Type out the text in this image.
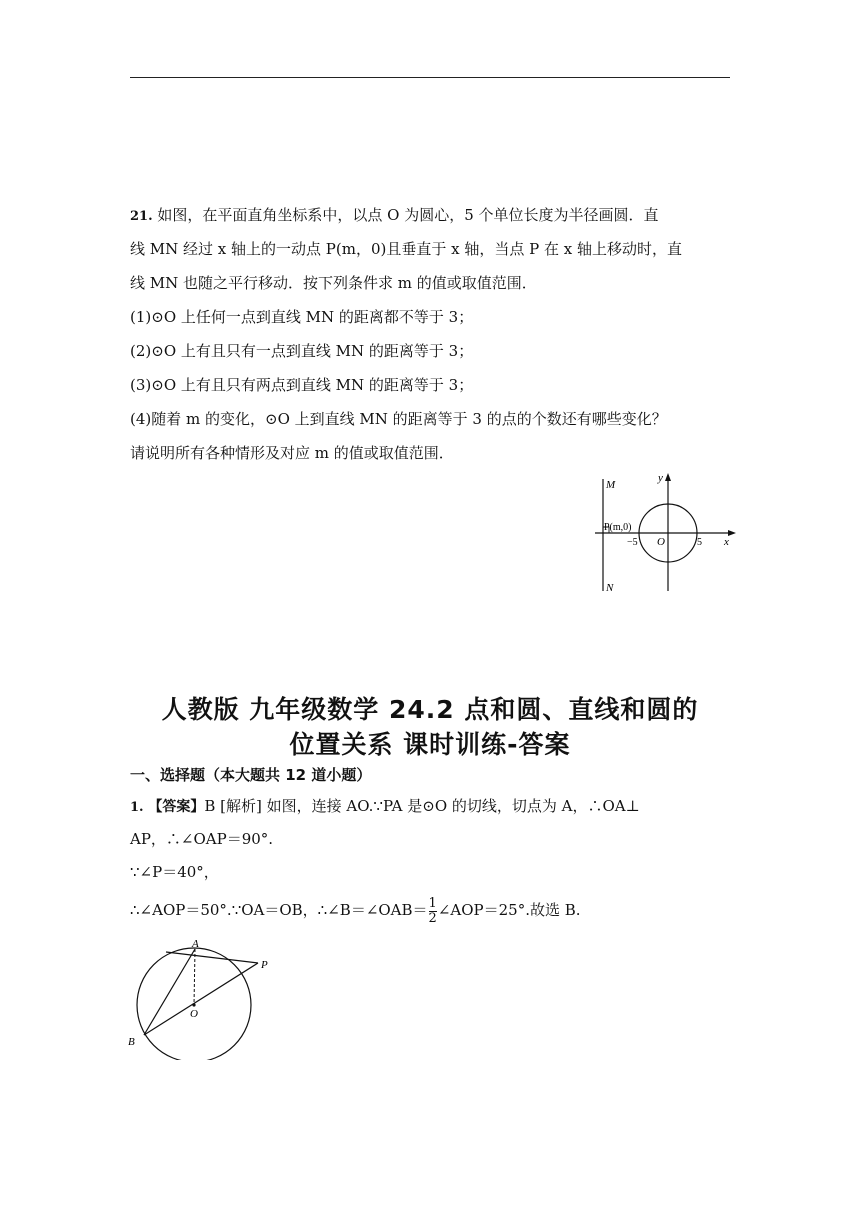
21. 如图，在平面直角坐标系中，以点 O 为圆心，5 个单位长度为半径画圆．直
线 MN 经过 x 轴上的一动点 P(m，0)且垂直于 x 轴，当点 P 在 x 轴上移动时，直
线 MN 也随之平行移动．按下列条件求 m 的值或取值范围．
(1)⊙O 上任何一点到直线 MN 的距离都不等于 3；
(2)⊙O 上有且只有一点到直线 MN 的距离等于 3；
(3)⊙O 上有且只有两点到直线 MN 的距离等于 3；
(4)随着 m 的变化，⊙O 上到直线 MN 的距离等于 3 的点的个数还有哪些变化？
请说明所有各种情形及对应 m 的值或取值范围．
M
N
y
x
P(m,0)
−5 O	5
人教版 九年级数学 24.2 点和圆、直线和圆的
位置关系 课时训练-答案
一、选择题（本大题共 12 道小题）
1. 【答案】B [解析] 如图，连接 AO.∵PA 是⊙O 的切线，切点为 A，∴OA⊥
AP，∴∠OAP＝90°.
∵∠P＝40°，
∴∠AOP＝50°.∵OA＝OB，∴∠B＝∠OAB＝ $\frac{1}{2}$ ∠AOP＝25°.故选 B.
A
P
O
B
